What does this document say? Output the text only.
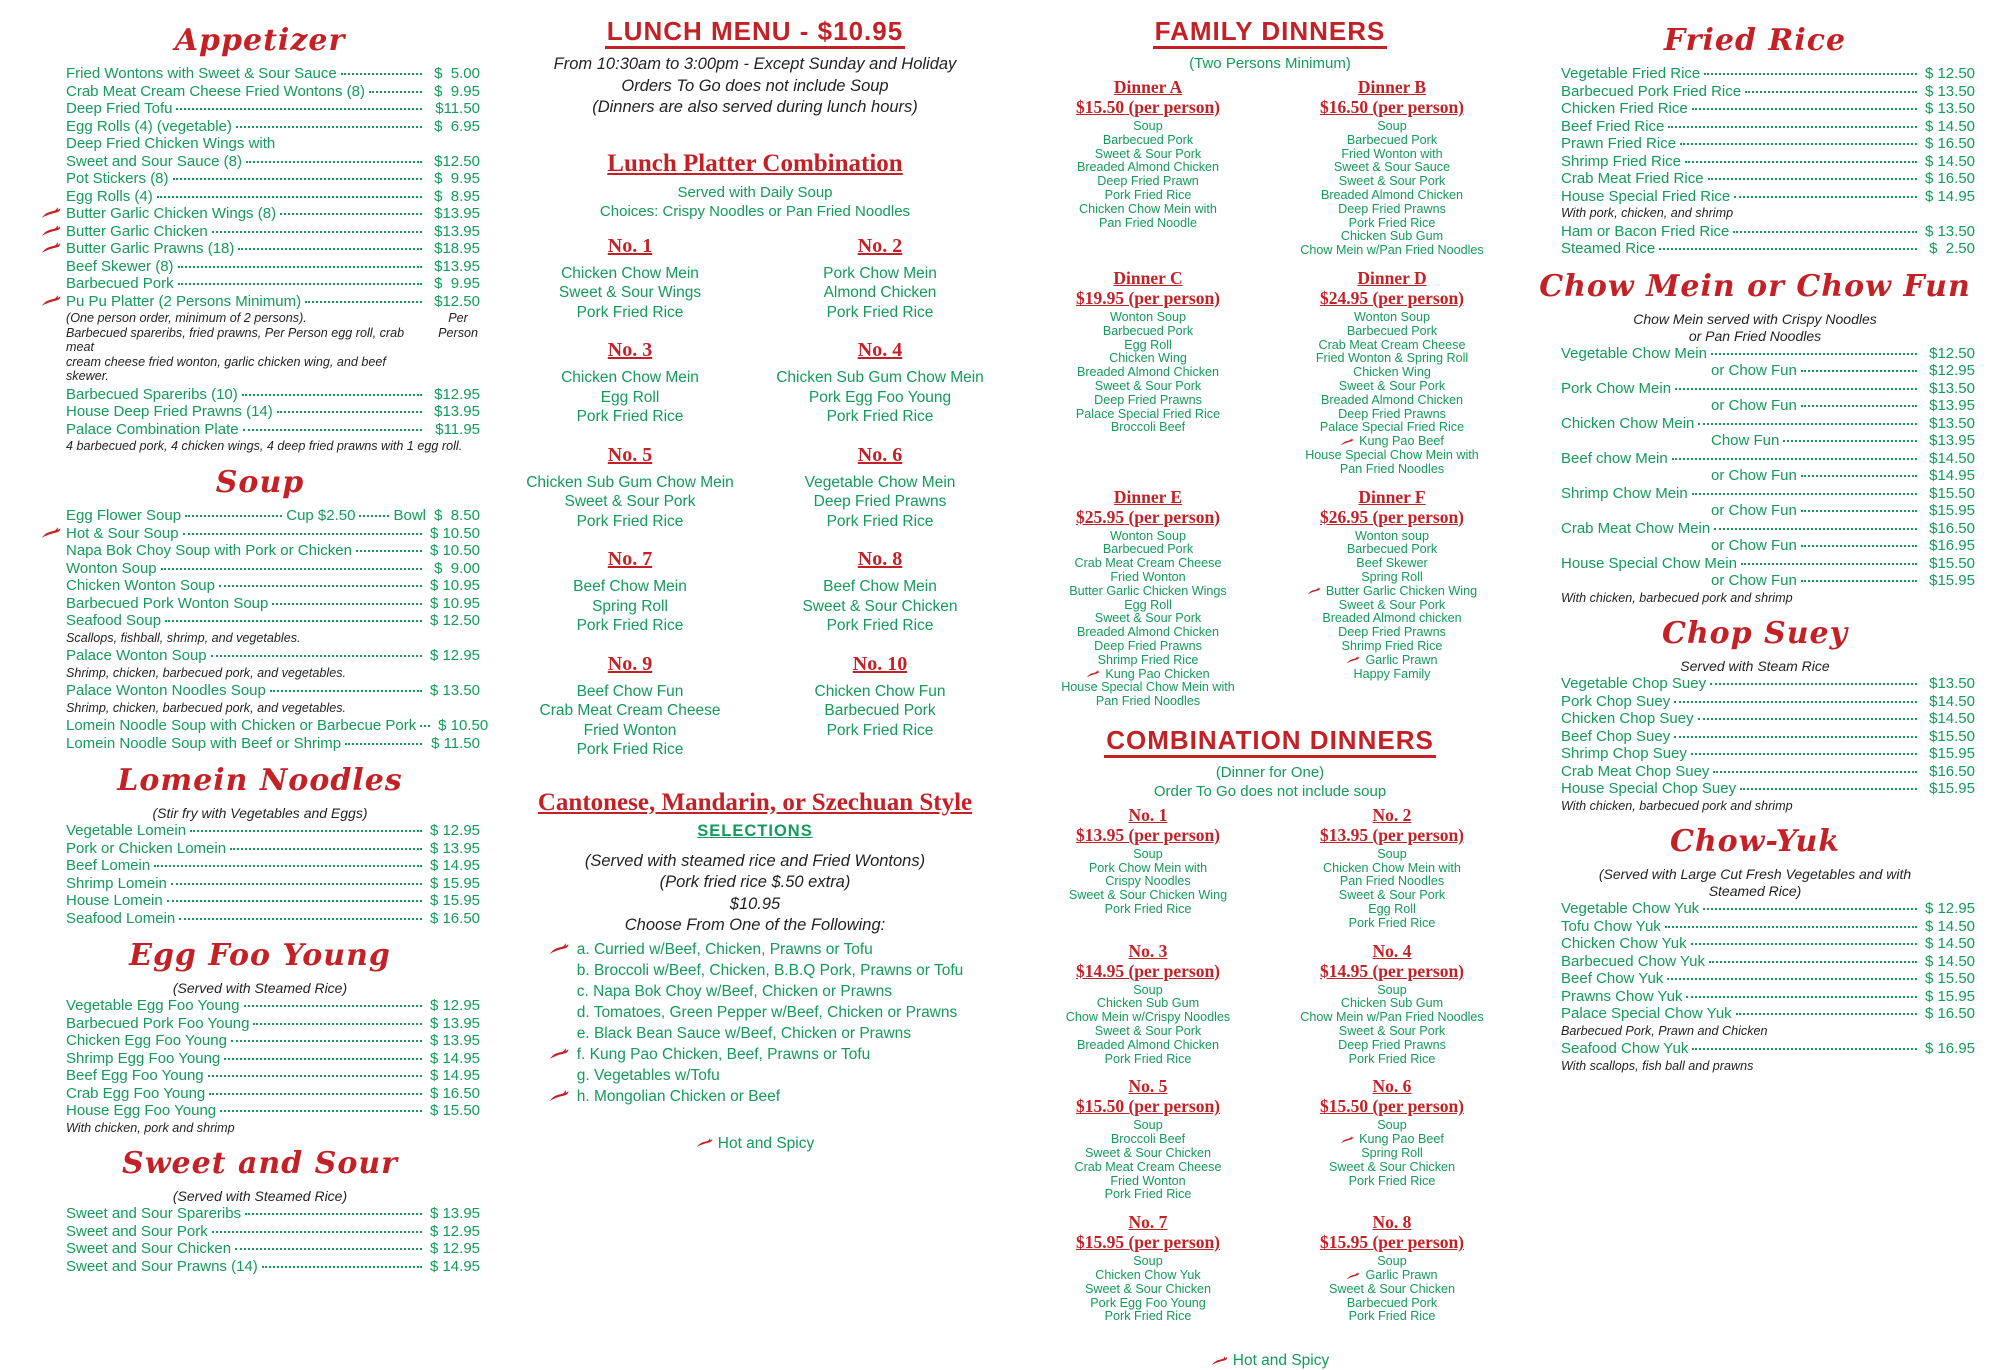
Appetizer
Fried Wontons with Sweet & Sour Sauce	$  5.00
Crab Meat Cream Cheese Fried Wontons (8)	$  9.95
Deep Fried Tofu	$11.50
Egg Rolls (4) (vegetable)	$  6.95
Deep Fried Chicken Wings with
Sweet and Sour Sauce (8)	$12.50
Pot Stickers (8)	$  9.95
Egg Rolls (4)	$  8.95
Butter Garlic Chicken Wings (8)	$13.95
Butter Garlic Chicken	$13.95
Butter Garlic Prawns (18)	$18.95
Beef Skewer (8)	$13.95
Barbecued Pork	$  9.95
Pu Pu Platter (2 Persons Minimum)	$12.50
(One person order, minimum of 2 persons).
Barbecued spareribs, fried prawns, Per Person egg roll, crab meat
cream cheese fried wonton, garlic chicken wing, and beef skewer.
Per
Person
Barbecued Spareribs (10)	$12.95
House Deep Fried Prawns (14)	$13.95
Palace Combination Plate	$11.95
4 barbecued pork, 4 chicken wings, 4 deep fried prawns with 1 egg roll.
Soup
Egg Flower Soup	Cup $2.50	Bowl $  8.50
Hot & Sour Soup	$ 10.50
Napa Bok Choy Soup with Pork or Chicken	$ 10.50
Wonton Soup	$  9.00
Chicken Wonton Soup	$ 10.95
Barbecued Pork Wonton Soup	$ 10.95
Seafood Soup	$ 12.50
Scallops, fishball, shrimp, and vegetables.
Palace Wonton Soup	$ 12.95
Shrimp, chicken, barbecued pork, and vegetables.
Palace Wonton Noodles Soup	$ 13.50
Shrimp, chicken, barbecued pork, and vegetables.
Lomein Noodle Soup with Chicken or Barbecue Pork $ 10.50
Lomein Noodle Soup with Beef or Shrimp	$ 11.50
Lomein Noodles
(Stir fry with Vegetables and Eggs)
Vegetable Lomein	$ 12.95
Pork or Chicken Lomein	$ 13.95
Beef Lomein	$ 14.95
Shrimp Lomein	$ 15.95
House Lomein	$ 15.95
Seafood Lomein	$ 16.50
Egg Foo Young
(Served with Steamed Rice)
Vegetable Egg Foo Young	$ 12.95
Barbecued Pork Foo Young	$ 13.95
Chicken Egg Foo Young	$ 13.95
Shrimp Egg Foo Young	$ 14.95
Beef Egg Foo Young	$ 14.95
Crab Egg Foo Young	$ 16.50
House Egg Foo Young	$ 15.50
With chicken, pork and shrimp
Sweet and Sour
(Served with Steamed Rice)
Sweet and Sour Spareribs	$ 13.95
Sweet and Sour Pork	$ 12.95
Sweet and Sour Chicken	$ 12.95
Sweet and Sour Prawns (14)	$ 14.95
LUNCH MENU - $10.95
From 10:30am to 3:00pm - Except Sunday and Holiday
Orders To Go does not include Soup
(Dinners are also served during lunch hours)
Lunch Platter Combination
Served with Daily Soup
Choices: Crispy Noodles or Pan Fried Noodles
No. 1
Chicken Chow Mein
Sweet & Sour Wings
Pork Fried Rice
No. 2
Pork Chow Mein
Almond Chicken
Pork Fried Rice
No. 3
Chicken Chow Mein
Egg Roll
Pork Fried Rice
No. 4
Chicken Sub Gum Chow Mein
Pork Egg Foo Young
Pork Fried Rice
No. 5
Chicken Sub Gum Chow Mein
Sweet & Sour Pork
Pork Fried Rice
No. 6
Vegetable Chow Mein
Deep Fried Prawns
Pork Fried Rice
No. 7
Beef Chow Mein
Spring Roll
Pork Fried Rice
No. 8
Beef Chow Mein
Sweet & Sour Chicken
Pork Fried Rice
No. 9
Beef Chow Fun
Crab Meat Cream Cheese
Fried Wonton
Pork Fried Rice
No. 10
Chicken Chow Fun
Barbecued Pork
Pork Fried Rice
Cantonese, Mandarin, or Szechuan Style
SELECTIONS
(Served with steamed rice and Fried Wontons)
(Pork fried rice $.50 extra)
$10.95
Choose From One of the Following:
a. Curried w/Beef, Chicken, Prawns or Tofu
b. Broccoli w/Beef, Chicken, B.B.Q Pork, Prawns or Tofu
c. Napa Bok Choy w/Beef, Chicken or Prawns
d. Tomatoes, Green Pepper w/Beef, Chicken or Prawns
e. Black Bean Sauce w/Beef, Chicken or Prawns
f. Kung Pao Chicken, Beef, Prawns or Tofu
g. Vegetables w/Tofu
h. Mongolian Chicken or Beef
Hot and Spicy
FAMILY DINNERS
(Two Persons Minimum)
Dinner A
$15.50 (per person)
Soup
Barbecued Pork
Sweet & Sour Pork
Breaded Almond Chicken
Deep Fried Prawn
Pork Fried Rice
Chicken Chow Mein with
Pan Fried Noodle
Dinner B
$16.50 (per person)
Soup
Barbecued Pork
Fried Wonton with
Sweet & Sour Sauce
Sweet & Sour Pork
Breaded Almond Chicken
Deep Fried Prawns
Pork Fried Rice
Chicken Sub Gum
Chow Mein w/Pan Fried Noodles
Dinner C
$19.95 (per person)
Wonton Soup
Barbecued Pork
Egg Roll
Chicken Wing
Breaded Almond Chicken
Sweet & Sour Pork
Deep Fried Prawns
Palace Special Fried Rice
Broccoli Beef
Dinner D
$24.95 (per person)
Wonton Soup
Barbecued Pork
Crab Meat Cream Cheese
Fried Wonton & Spring Roll
Chicken Wing
Sweet & Sour Pork
Breaded Almond Chicken
Deep Fried Prawns
Palace Special Fried Rice
Kung Pao Beef
House Special Chow Mein with
Pan Fried Noodles
Dinner E
$25.95 (per person)
Wonton Soup
Barbecued Pork
Crab Meat Cream Cheese
Fried Wonton
Butter Garlic Chicken Wings
Egg Roll
Sweet & Sour Pork
Breaded Almond Chicken
Deep Fried Prawns
Shrimp Fried Rice
Kung Pao Chicken
House Special Chow Mein with
Pan Fried Noodles
Dinner F
$26.95 (per person)
Wonton soup
Barbecued Pork
Beef Skewer
Spring Roll
Butter Garlic Chicken Wing
Sweet & Sour Pork
Breaded Almond chicken
Deep Fried Prawns
Shrimp Fried Rice
Garlic Prawn
Happy Family
COMBINATION DINNERS
(Dinner for One)
Order To Go does not include soup
No. 1
$13.95 (per person)
Soup
Pork Chow Mein with
Crispy Noodles
Sweet & Sour Chicken Wing
Pork Fried Rice
No. 2
$13.95 (per person)
Soup
Chicken Chow Mein with
Pan Fried Noodles
Sweet & Sour Pork
Egg Roll
Pork Fried Rice
No. 3
$14.95 (per person)
Soup
Chicken Sub Gum
Chow Mein w/Crispy Noodles
Sweet & Sour Pork
Breaded Almond Chicken
Pork Fried Rice
No. 4
$14.95 (per person)
Soup
Chicken Sub Gum
Chow Mein w/Pan Fried Noodles
Sweet & Sour Pork
Deep Fried Prawns
Pork Fried Rice
No. 5
$15.50 (per person)
Soup
Broccoli Beef
Sweet & Sour Chicken
Crab Meat Cream Cheese
Fried Wonton
Pork Fried Rice
No. 6
$15.50 (per person)
Soup
Kung Pao Beef
Spring Roll
Sweet & Sour Chicken
Pork Fried Rice
No. 7
$15.95 (per person)
Soup
Chicken Chow Yuk
Sweet & Sour Chicken
Pork Egg Foo Young
Pork Fried Rice
No. 8
$15.95 (per person)
Soup
Garlic Prawn
Sweet & Sour Chicken
Barbecued Pork
Pork Fried Rice
Hot and Spicy
Fried Rice
Vegetable Fried Rice	$ 12.50
Barbecued Pork Fried Rice	$ 13.50
Chicken Fried Rice	$ 13.50
Beef Fried Rice	$ 14.50
Prawn Fried Rice	$ 16.50
Shrimp Fried Rice	$ 14.50
Crab Meat Fried Rice	$ 16.50
House Special Fried Rice	$ 14.95
With pork, chicken, and shrimp
Ham or Bacon Fried Rice	$ 13.50
Steamed Rice	$  2.50
Chow Mein or Chow Fun
Chow Mein served with Crispy Noodles
or Pan Fried Noodles
Vegetable Chow Mein	$12.50
or Chow Fun	$12.95
Pork Chow Mein	$13.50
or Chow Fun	$13.95
Chicken Chow Mein	$13.50
Chow Fun	$13.95
Beef chow Mein	$14.50
or Chow Fun	$14.95
Shrimp Chow Mein	$15.50
or Chow Fun	$15.95
Crab Meat Chow Mein	$16.50
or Chow Fun	$16.95
House Special Chow Mein	$15.50
or Chow Fun	$15.95
With chicken, barbecued pork and shrimp
Chop Suey
Served with Steam Rice
Vegetable Chop Suey	$13.50
Pork Chop Suey	$14.50
Chicken Chop Suey	$14.50
Beef Chop Suey	$15.50
Shrimp Chop Suey	$15.95
Crab Meat Chop Suey	$16.50
House Special Chop Suey	$15.95
With chicken, barbecued pork and shrimp
Chow-Yuk
(Served with Large Cut Fresh Vegetables and with
Steamed Rice)
Vegetable Chow Yuk	$ 12.95
Tofu Chow Yuk	$ 14.50
Chicken Chow Yuk	$ 14.50
Barbecued Chow Yuk	$ 14.50
Beef Chow Yuk	$ 15.50
Prawns Chow Yuk	$ 15.95
Palace Special Chow Yuk	$ 16.50
Barbecued Pork, Prawn and Chicken
Seafood Chow Yuk	$ 16.95
With scallops, fish ball and prawns
